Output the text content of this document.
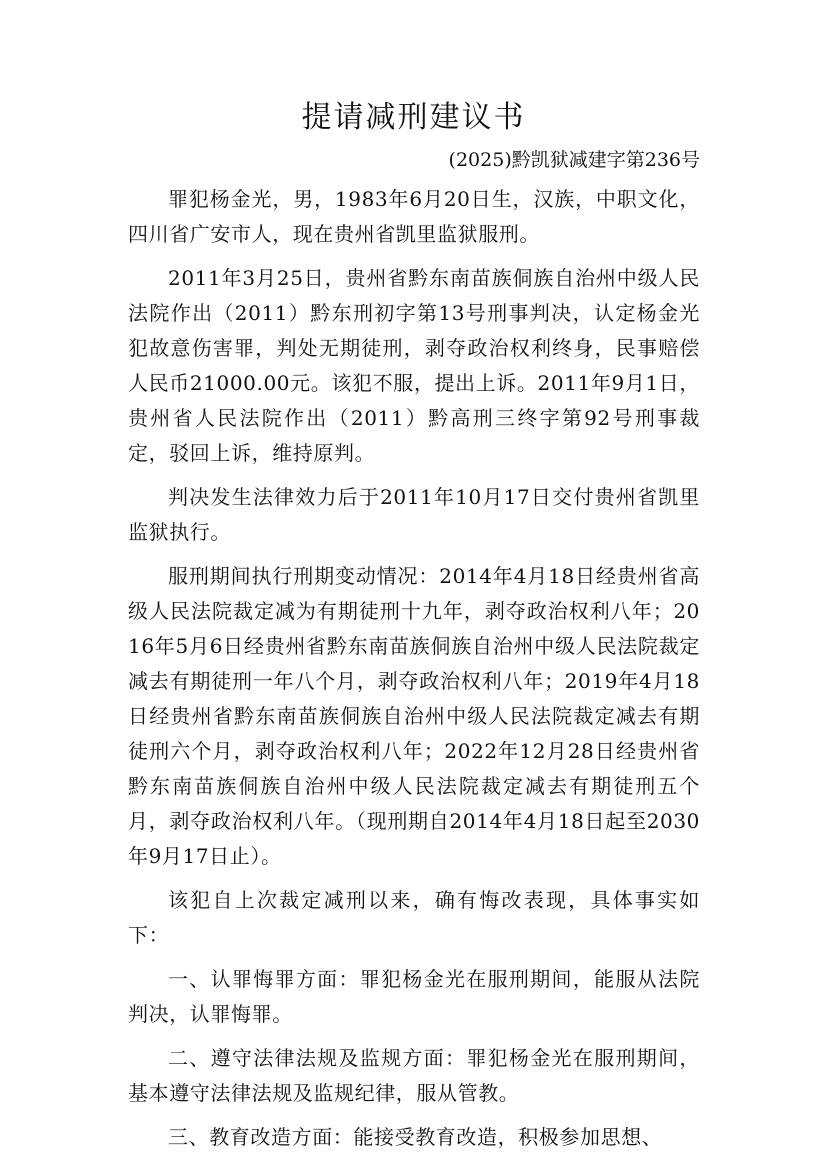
提请减刑建议书
(2025)黔凯狱减建字第236号

罪犯杨金光，男，1983年6月20日生，汉族，中职文化，四川省广安市人，现在贵州省凯里监狱服刑。

2011年3月25日，贵州省黔东南苗族侗族自治州中级人民法院作出（2011）黔东刑初字第13号刑事判决，认定杨金光犯故意伤害罪，判处无期徒刑，剥夺政治权利终身，民事赔偿人民币21000.00元。该犯不服，提出上诉。2011年9月1日，贵州省人民法院作出（2011）黔高刑三终字第92号刑事裁定，驳回上诉，维持原判。

判决发生法律效力后于2011年10月17日交付贵州省凯里监狱执行。

服刑期间执行刑期变动情况：2014年4月18日经贵州省高级人民法院裁定减为有期徒刑十九年，剥夺政治权利八年；2016年5月6日经贵州省黔东南苗族侗族自治州中级人民法院裁定减去有期徒刑一年八个月，剥夺政治权利八年；2019年4月18日经贵州省黔东南苗族侗族自治州中级人民法院裁定减去有期徒刑六个月，剥夺政治权利八年；2022年12月28日经贵州省黔东南苗族侗族自治州中级人民法院裁定减去有期徒刑五个月，剥夺政治权利八年。（现刑期自2014年4月18日起至2030年9月17日止）。

该犯自上次裁定减刑以来，确有悔改表现，具体事实如下：

一、认罪悔罪方面：罪犯杨金光在服刑期间，能服从法院判决，认罪悔罪。

二、遵守法律法规及监规方面：罪犯杨金光在服刑期间，基本遵守法律法规及监规纪律，服从管教。

三、教育改造方面：能接受教育改造，积极参加思想、
